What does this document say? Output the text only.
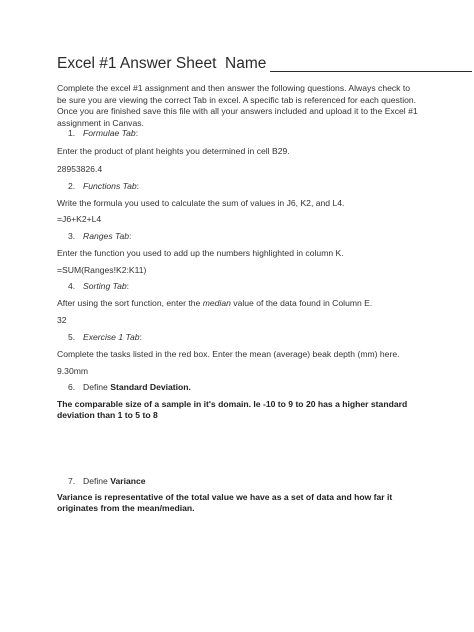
Excel #1 Answer Sheet Name
Complete the excel #1 assignment and then answer the following questions. Always check to be sure you are viewing the correct Tab in excel. A specific tab is referenced for each question. Once you are finished save this file with all your answers included and upload it to the Excel #1 assignment in Canvas.
1. Formulae Tab:
Enter the product of plant heights you determined in cell B29.
28953826.4
2. Functions Tab:
Write the formula you used to calculate the sum of values in J6, K2, and L4.
=J6+K2+L4
3. Ranges Tab:
Enter the function you used to add up the numbers highlighted in column K.
=SUM(Ranges!K2:K11)
4. Sorting Tab:
After using the sort function, enter the median value of the data found in Column E.
32
5. Exercise 1 Tab:
Complete the tasks listed in the red box. Enter the mean (average) beak depth (mm) here.
9.30mm
6. Define Standard Deviation.
The comparable size of a sample in it's domain. Ie -10 to 9 to 20 has a higher standard deviation than 1 to 5 to 8
7. Define Variance
Variance is representative of the total value we have as a set of data and how far it originates from the mean/median.
